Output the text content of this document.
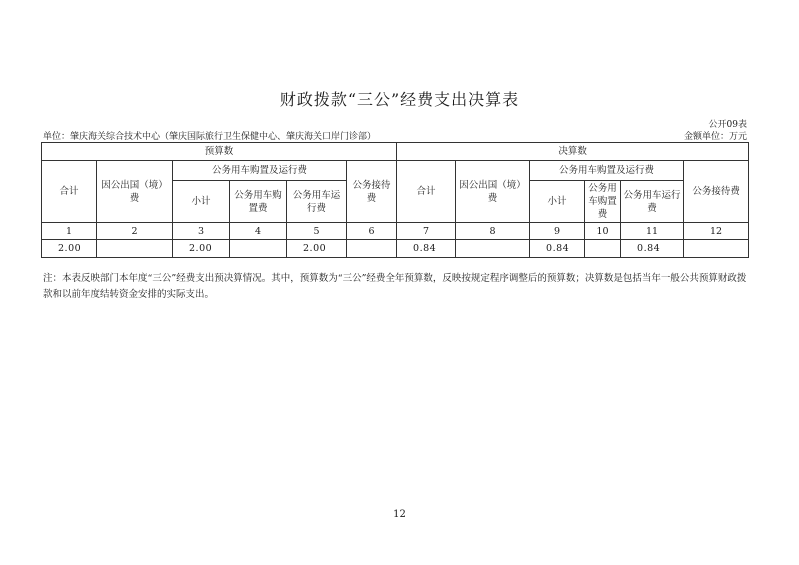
财政拨款“三公”经费支出决算表
公开09表
单位：肇庆海关综合技术中心（肇庆国际旅行卫生保健中心、肇庆海关口岸门诊部）	金额单位：万元
预算数						决算数					
合计	因公出国（境）费	公务用车购置及运行费			公务接待费	合计	因公出国（境）费	公务用车购置及运行费			公务接待费
		小计	公务用车购置费	公务用车运行费				小计	公务用车购置费	公务用车运行费	
1	2	3	4	5	6	7	8	9	10	11	12
2.00		2.00		2.00		0.84		0.84		0.84	
注：本表反映部门本年度“三公”经费支出预决算情况。其中，预算数为“三公”经费全年预算数，反映按规定程序调整后的预算数；决算数是包括当年一般公共预算财政拨款和以前年度结转资金安排的实际支出。
12
